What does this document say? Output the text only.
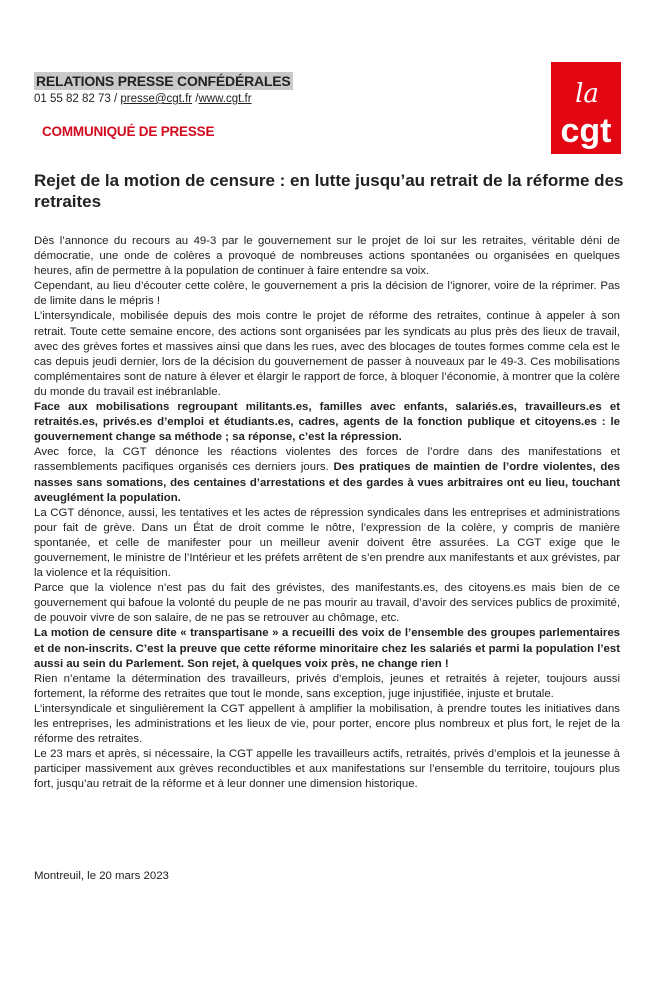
RELATIONS PRESSE CONFÉDÉRALES
01 55 82 82 73 / presse@cgt.fr /www.cgt.fr
COMMUNIQUÉ DE PRESSE
la
cgt
Rejet de la motion de censure : en lutte jusqu’au retrait de la réforme des retraites

Dès l’annonce du recours au 49-3 par le gouvernement sur le projet de loi sur les retraites, véritable déni de démocratie, une onde de colères a provoqué de nombreuses actions spontanées ou organisées en quelques heures, afin de permettre à la population de continuer à faire entendre sa voix.

Cependant, au lieu d’écouter cette colère, le gouvernement a pris la décision de l’ignorer, voire de la réprimer. Pas de limite dans le mépris !

L’intersyndicale, mobilisée depuis des mois contre le projet de réforme des retraites, continue à appeler à son retrait. Toute cette semaine encore, des actions sont organisées par les syndicats au plus près des lieux de travail, avec des grèves fortes et massives ainsi que dans les rues, avec des blocages de toutes formes comme cela est le cas depuis jeudi dernier, lors de la décision du gouvernement de passer à nouveaux par le 49-3. Ces mobilisations complémentaires sont de nature à élever et élargir le rapport de force, à bloquer l’économie, à montrer que la colère du monde du travail est inébranlable.

Face aux mobilisations regroupant militants.es, familles avec enfants, salariés.es, travailleurs.es et retraités.es, privés.es d’emploi et étudiants.es, cadres, agents de la fonction publique et citoyens.es : le gouvernement change sa méthode ; sa réponse, c’est la répression.

Avec force, la CGT dénonce les réactions violentes des forces de l’ordre dans des manifestations et rassemblements pacifiques organisés ces derniers jours. Des pratiques de maintien de l’ordre violentes, des nasses sans somations, des centaines d’arrestations et des gardes à vues arbitraires ont eu lieu, touchant aveuglément la population.

La CGT dénonce, aussi, les tentatives et les actes de répression syndicales dans les entreprises et administrations pour fait de grève. Dans un État de droit comme le nôtre, l’expression de la colère, y compris de manière spontanée, et celle de manifester pour un meilleur avenir doivent être assurées. La CGT exige que le gouvernement, le ministre de l’Intérieur et les préfets arrêtent de s’en prendre aux manifestants et aux grévistes, par la violence et la réquisition.

Parce que la violence n’est pas du fait des grévistes, des manifestants.es, des citoyens.es mais bien de ce gouvernement qui bafoue la volonté du peuple de ne pas mourir au travail, d’avoir des services publics de proximité, de pouvoir vivre de son salaire, de ne pas se retrouver au chômage, etc.

La motion de censure dite « transpartisane » a recueilli des voix de l’ensemble des groupes parlementaires et de non-inscrits. C’est la preuve que cette réforme minoritaire chez les salariés et parmi la population l’est aussi au sein du Parlement. Son rejet, à quelques voix près, ne change rien !

Rien n’entame la détermination des travailleurs, privés d’emplois, jeunes et retraités à rejeter, toujours aussi fortement, la réforme des retraites que tout le monde, sans exception, juge injustifiée, injuste et brutale.

L’intersyndicale et singulièrement la CGT appellent à amplifier la mobilisation, à prendre toutes les initiatives dans les entreprises, les administrations et les lieux de vie, pour porter, encore plus nombreux et plus fort, le rejet de la réforme des retraites.

Le 23 mars et après, si nécessaire, la CGT appelle les travailleurs actifs, retraités, privés d’emplois et la jeunesse à participer massivement aux grèves reconductibles et aux manifestations sur l’ensemble du territoire, toujours plus fort, jusqu’au retrait de la réforme et à leur donner une dimension historique.

Montreuil, le 20 mars 2023
